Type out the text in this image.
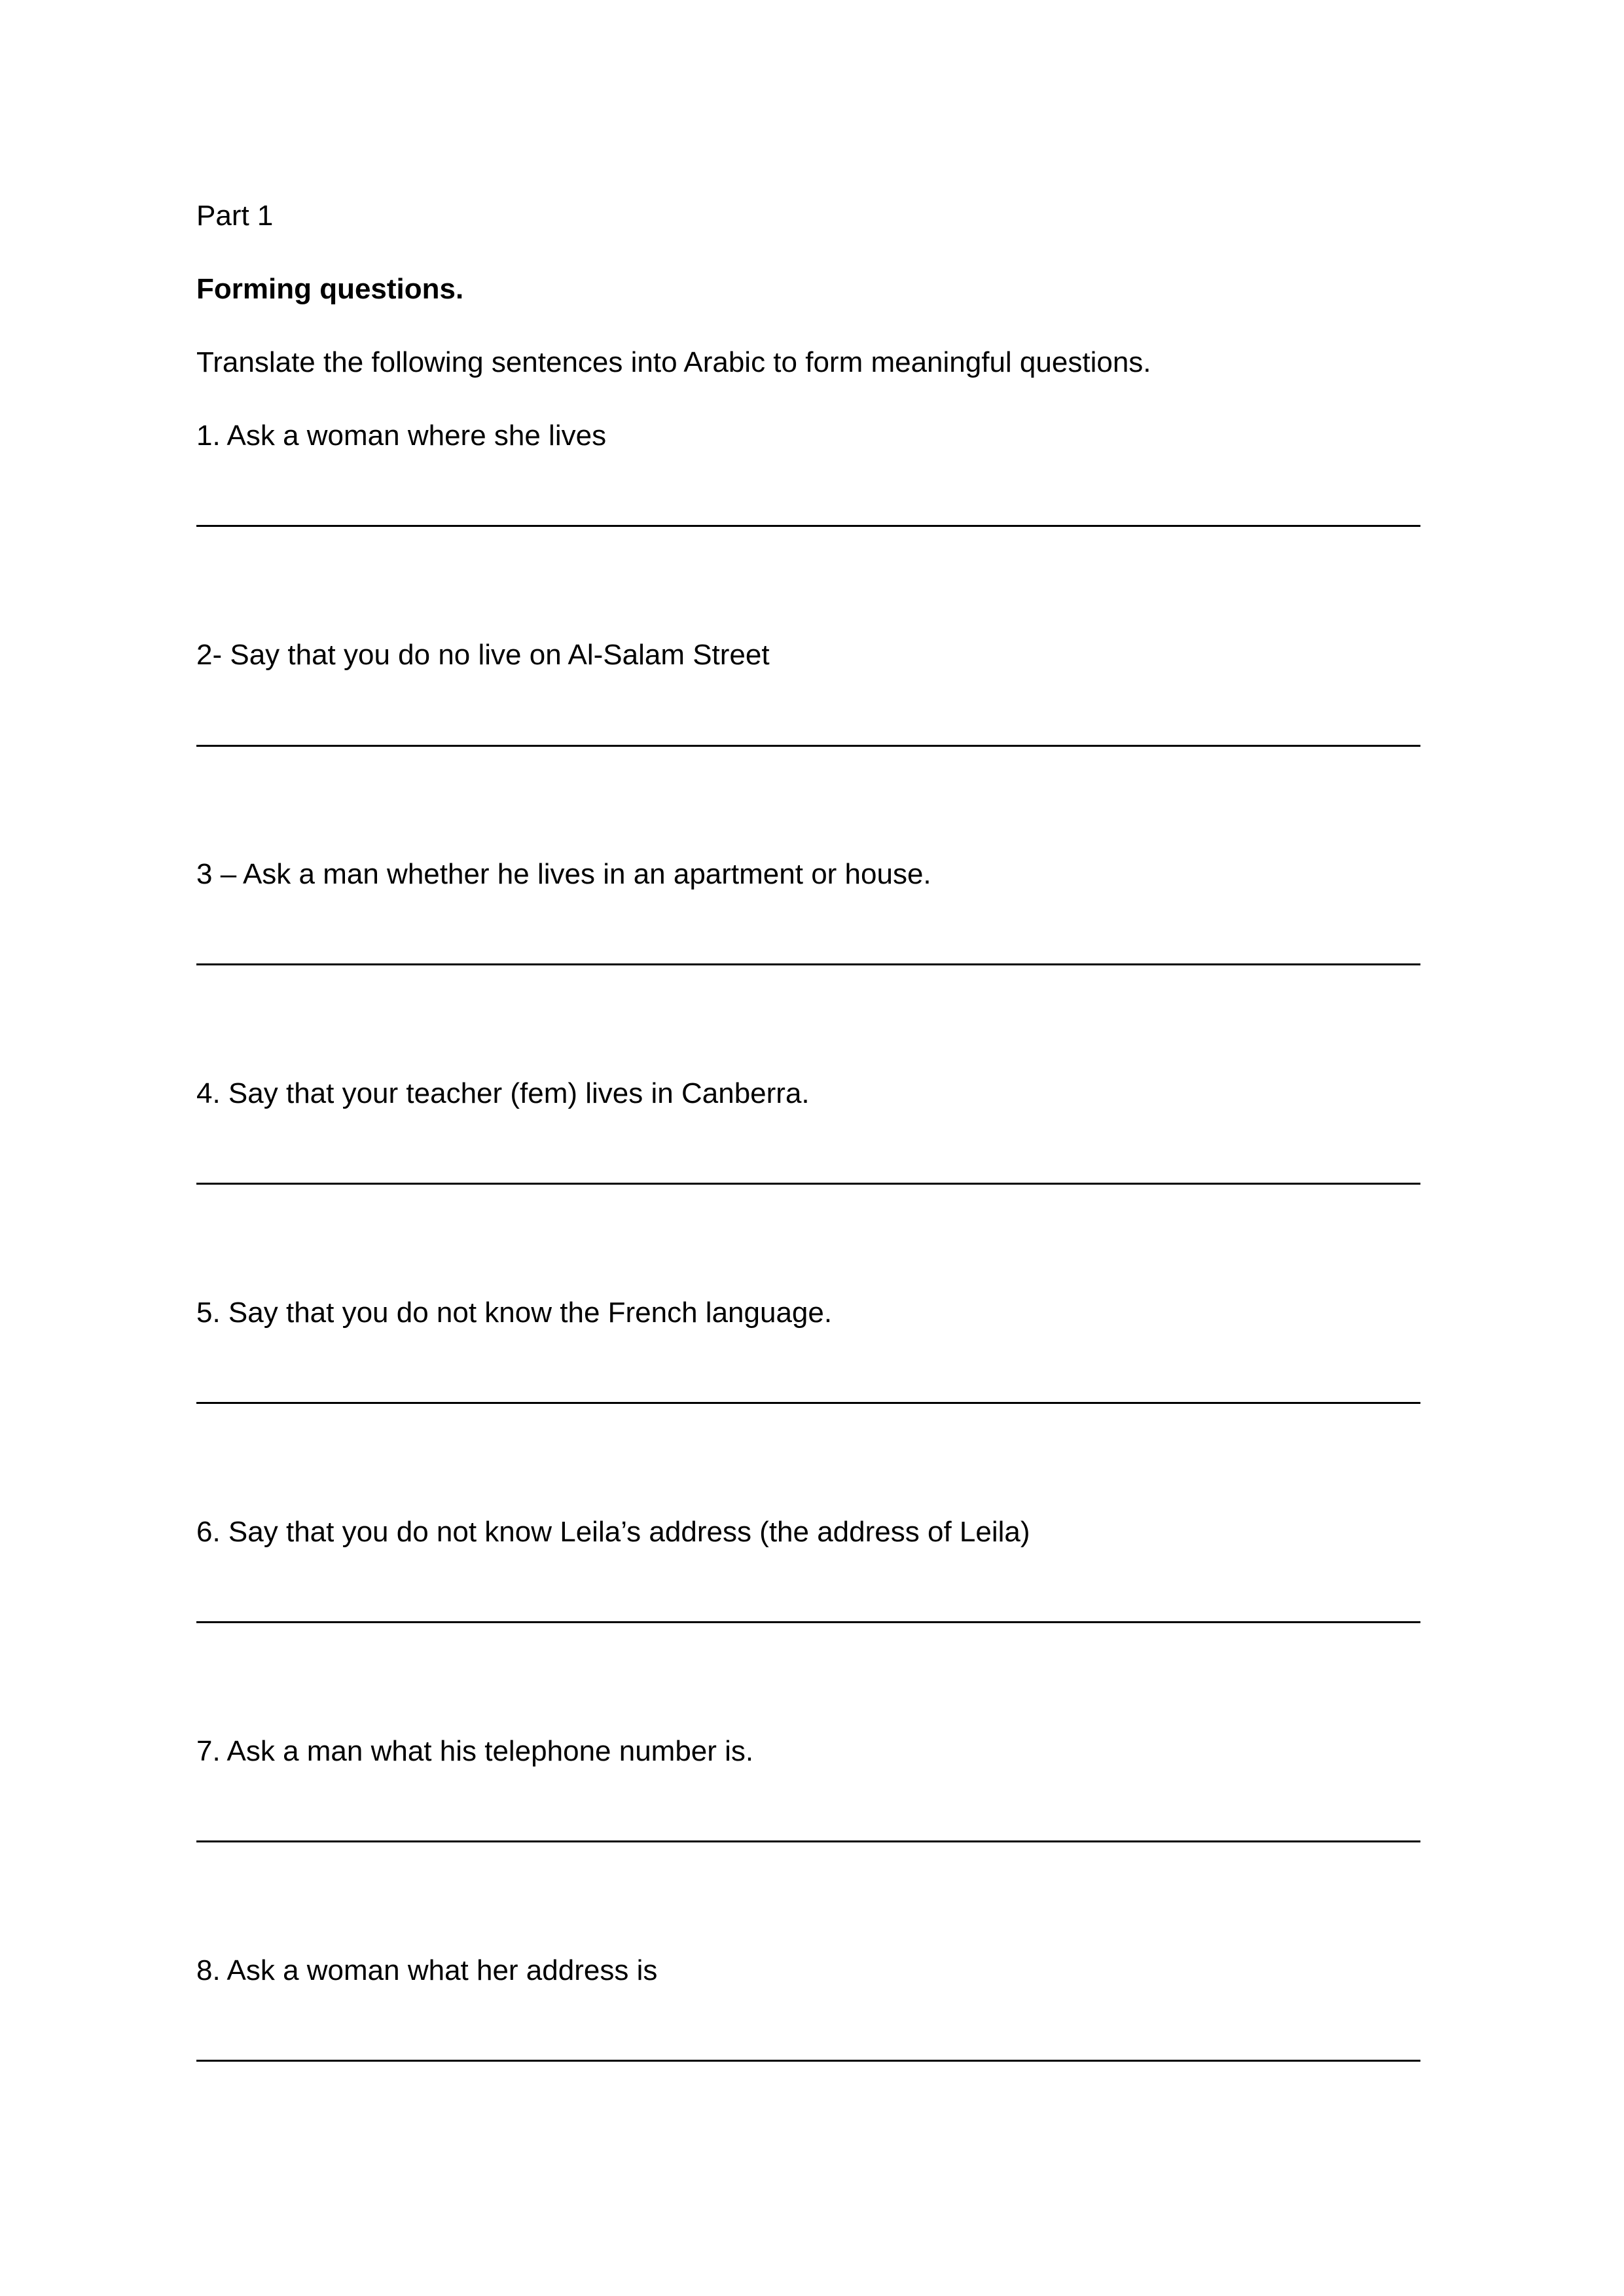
Part 1

Forming questions.

Translate the following sentences into Arabic to form meaningful questions.

1. Ask a woman where she lives

2- Say that you do no live on Al-Salam Street

3 – Ask a man whether he lives in an apartment or house.

4. Say that your teacher (fem) lives in Canberra.

5. Say that you do not know the French language.

6. Say that you do not know Leila’s address (the address of Leila)

7. Ask a man what his telephone number is.

8. Ask a woman what her address is
